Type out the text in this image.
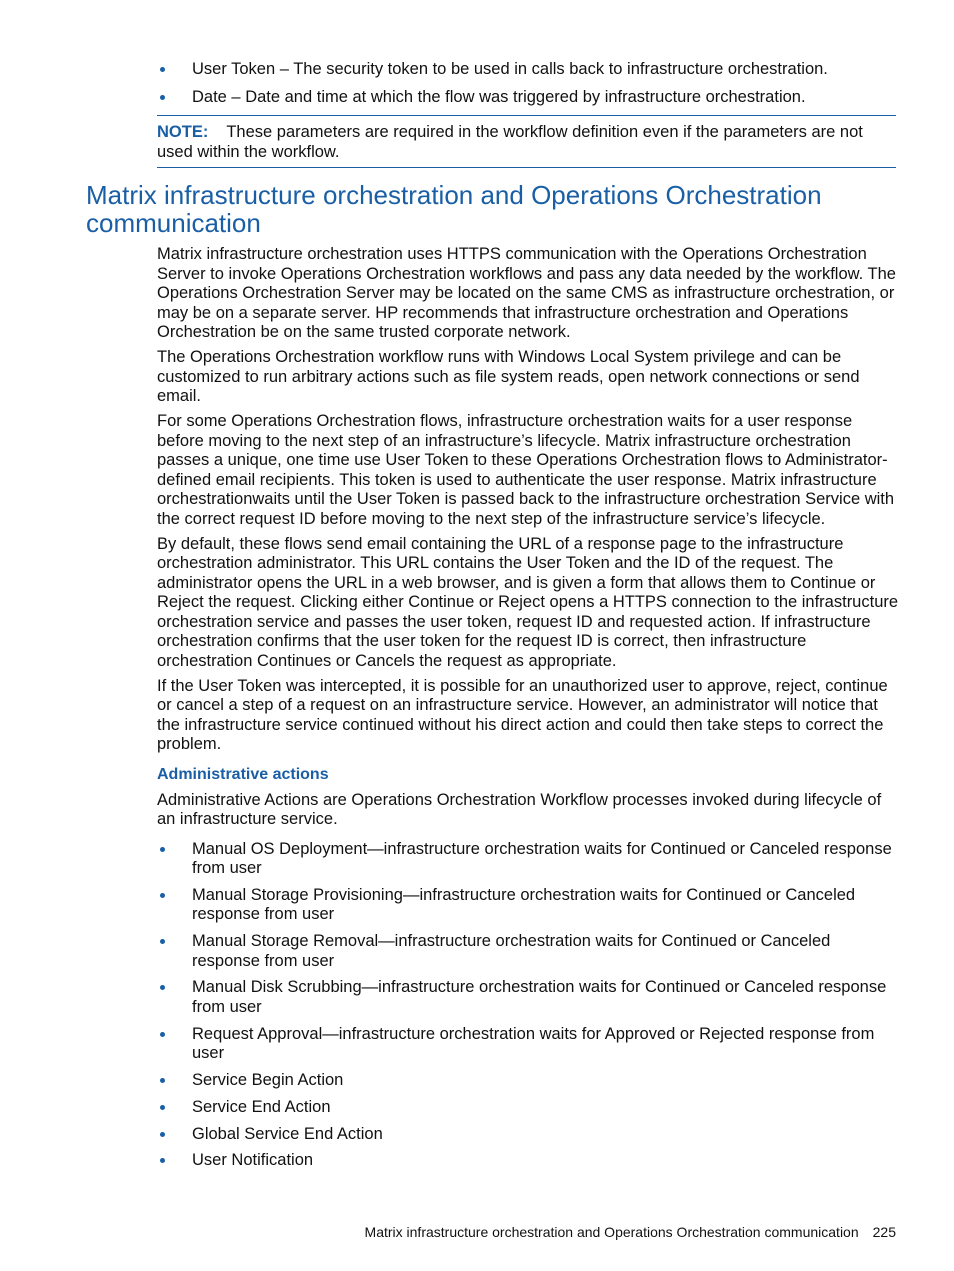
User Token – The security token to be used in calls back to infrastructure orchestration.
Date – Date and time at which the flow was triggered by infrastructure orchestration.
NOTE: These parameters are required in the workflow definition even if the parameters are not used within the workflow.
Matrix infrastructure orchestration and Operations Orchestration communication

Matrix infrastructure orchestration uses HTTPS communication with the Operations Orchestration Server to invoke Operations Orchestration workflows and pass any data needed by the workflow. The Operations Orchestration Server may be located on the same CMS as infrastructure orchestration, or may be on a separate server. HP recommends that infrastructure orchestration and Operations Orchestration be on the same trusted corporate network.

The Operations Orchestration workflow runs with Windows Local System privilege and can be customized to run arbitrary actions such as file system reads, open network connections or send email.

For some Operations Orchestration flows, infrastructure orchestration waits for a user response before moving to the next step of an infrastructure’s lifecycle. Matrix infrastructure orchestration passes a unique, one time use User Token to these Operations Orchestration flows to Administrator-defined email recipients. This token is used to authenticate the user response. Matrix infrastructure orchestrationwaits until the User Token is passed back to the infrastructure orchestration Service with the correct request ID before moving to the next step of the infrastructure service’s lifecycle.

By default, these flows send email containing the URL of a response page to the infrastructure orchestration administrator. This URL contains the User Token and the ID of the request. The administrator opens the URL in a web browser, and is given a form that allows them to Continue or Reject the request. Clicking either Continue or Reject opens a HTTPS connection to the infrastructure orchestration service and passes the user token, request ID and requested action. If infrastructure orchestration confirms that the user token for the request ID is correct, then infrastructure orchestration Continues or Cancels the request as appropriate.

If the User Token was intercepted, it is possible for an unauthorized user to approve, reject, continue or cancel a step of a request on an infrastructure service. However, an administrator will notice that the infrastructure service continued without his direct action and could then take steps to correct the problem.

Administrative actions

Administrative Actions are Operations Orchestration Workflow processes invoked during lifecycle of an infrastructure service.

Manual OS Deployment—infrastructure orchestration waits for Continued or Canceled response from user
Manual Storage Provisioning—infrastructure orchestration waits for Continued or Canceled response from user
Manual Storage Removal—infrastructure orchestration waits for Continued or Canceled response from user
Manual Disk Scrubbing—infrastructure orchestration waits for Continued or Canceled response from user
Request Approval—infrastructure orchestration waits for Approved or Rejected response from user
Service Begin Action
Service End Action
Global Service End Action
User Notification
Matrix infrastructure orchestration and Operations Orchestration communication 225
